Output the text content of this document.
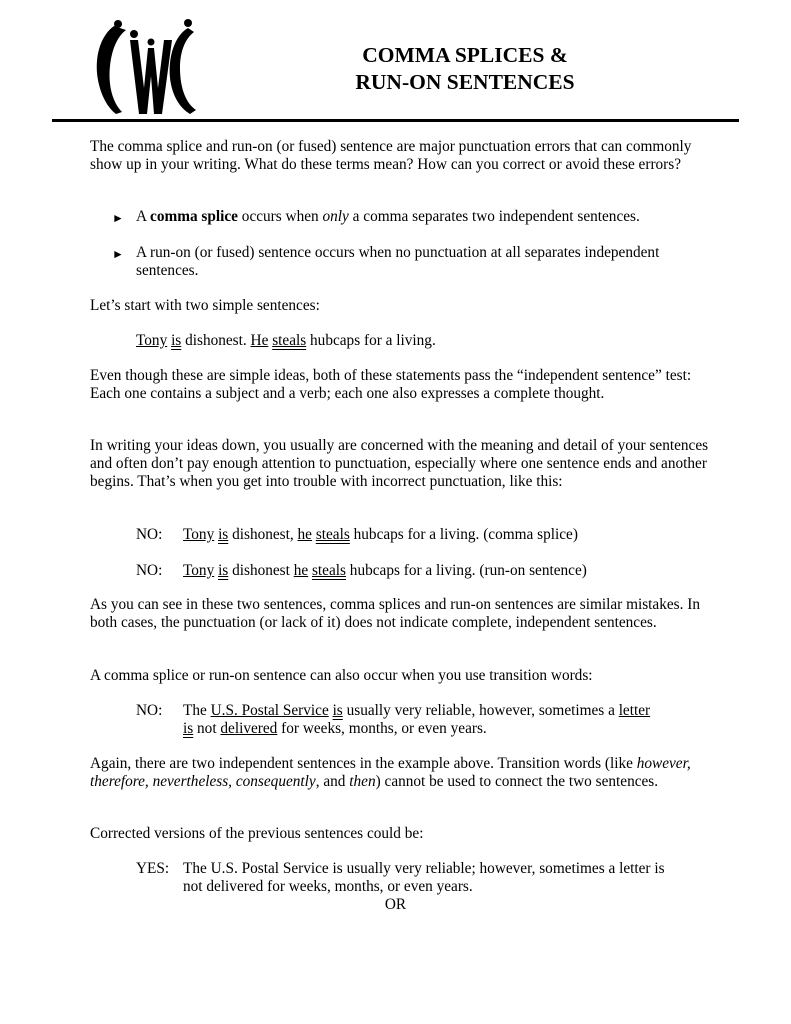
COMMA SPLICES &
RUN-ON SENTENCES

The comma splice and run-on (or fused) sentence are major punctuation errors that can commonly show up in your writing. What do these terms mean? How can you correct or avoid these errors?

► A comma splice occurs when only a comma separates two independent sentences.

► A run-on (or fused) sentence occurs when no punctuation at all separates independent sentences.

Let’s start with two simple sentences:

Tony is dishonest. He steals hubcaps for a living.

Even though these are simple ideas, both of these statements pass the “independent sentence” test: Each one contains a subject and a verb; each one also expresses a complete thought.

In writing your ideas down, you usually are concerned with the meaning and detail of your sentences and often don’t pay enough attention to punctuation, especially where one sentence ends and another begins. That’s when you get into trouble with incorrect punctuation, like this:

NO: Tony is dishonest, he steals hubcaps for a living. (comma splice)

NO: Tony is dishonest he steals hubcaps for a living. (run-on sentence)

As you can see in these two sentences, comma splices and run-on sentences are similar mistakes. In both cases, the punctuation (or lack of it) does not indicate complete, independent sentences.

A comma splice or run-on sentence can also occur when you use transition words:

NO: The U.S. Postal Service is usually very reliable, however, sometimes a letter
is not delivered for weeks, months, or even years.

Again, there are two independent sentences in the example above. Transition words (like however, therefore, nevertheless, consequently, and then) cannot be used to connect the two sentences.

Corrected versions of the previous sentences could be:

YES: The U.S. Postal Service is usually very reliable; however, sometimes a letter is not delivered for weeks, months, or even years.

OR
